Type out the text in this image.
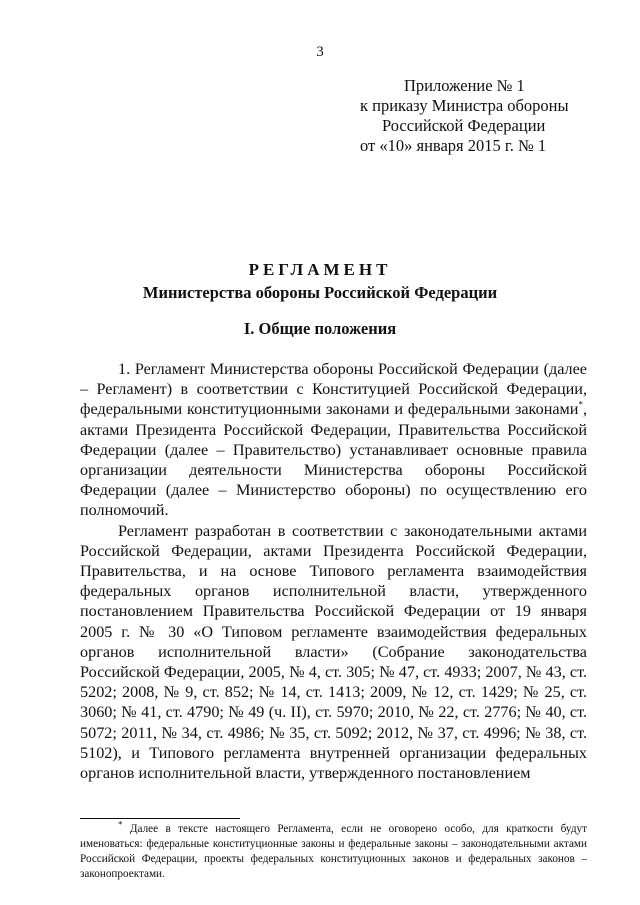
3
Приложение № 1
к приказу Министра обороны
Российской Федерации
от «10» января 2015 г. № 1
РЕГЛАМЕНТ
Министерства обороны Российской Федерации
I. Общие положения

1. Регламент Министерства обороны Российской Федерации (далее – Регламент) в соответствии с Конституцией Российской Федерации, федеральными конституционными законами и федеральными законами*, актами Президента Российской Федерации, Правительства Российской Федерации (далее – Правительство) устанавливает основные правила организации деятельности Министерства обороны Российской Федерации (далее – Министерство обороны) по осуществлению его полномочий.

Регламент разработан в соответствии с законодательными актами Российской Федерации, актами Президента Российской Федерации, Правительства, и на основе Типового регламента взаимодействия федеральных органов исполнительной власти, утвержденного постановлением Правительства Российской Федерации от 19 января 2005 г. № 30 «О Типовом регламенте взаимодействия федеральных органов исполнительной власти» (Собрание законодательства Российской Федерации, 2005, № 4, ст. 305; № 47, ст. 4933; 2007, № 43, ст. 5202; 2008, № 9, ст. 852; № 14, ст. 1413; 2009, № 12, ст. 1429; № 25, ст. 3060; № 41, ст. 4790; № 49 (ч. II), ст. 5970; 2010, № 22, ст. 2776; № 40, ст. 5072; 2011, № 34, ст. 4986; № 35, ст. 5092; 2012, № 37, ст. 4996; № 38, ст. 5102), и Типового регламента внутренней организации федеральных органов исполнительной власти, утвержденного постановлением

* Далее в тексте настоящего Регламента, если не оговорено особо, для краткости будут именоваться: федеральные конституционные законы и федеральные законы – законодательными актами Российской Федерации, проекты федеральных конституционных законов и федеральных законов – законопроектами.
